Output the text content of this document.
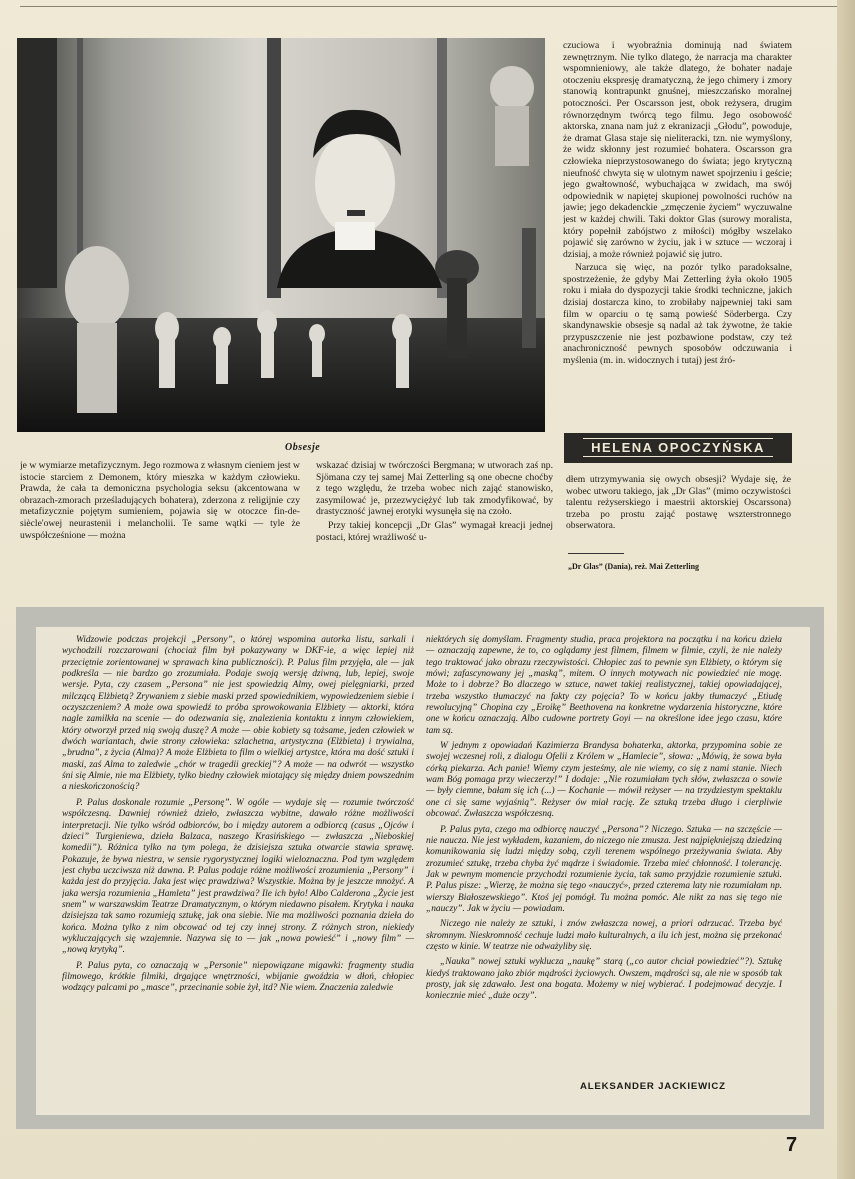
Obsesje

czuciowa i wyobraźnia dominują nad światem zewnętrznym. Nie tylko dlatego, że narracja ma charakter wspomnieniowy, ale także dlatego, że bohater nadaje otoczeniu ekspresję dramatyczną, że jego chimery i zmory stanowią kontrapunkt gnuśnej, mieszczańsko moralnej potoczności. Per Oscarsson jest, obok reżysera, drugim równorzędnym twórcą tego filmu. Jego osobowość aktorska, znana nam już z ekranizacji „Głodu”, powoduje, że dramat Glasa staje się nieliteracki, tzn. nie wymyślony, że widz skłonny jest rozumieć bohatera. Oscarsson gra człowieka nieprzystosowanego do świata; jego krytyczną nieufność chwyta się w ulotnym nawet spojrzeniu i geście; jego gwałtowność, wybuchająca w zwidach, ma swój odpowiednik w napiętej skupionej powolności ruchów na jawie; jego dekadenckie „zmęczenie życiem” wyczuwalne jest w każdej chwili. Taki doktor Glas (surowy moralista, który popełnił zabójstwo z miłości) mógłby wszelako pojawić się zarówno w życiu, jak i w sztuce — wczoraj i dzisiaj, a może również pojawić się jutro.

Narzuca się więc, na pozór tylko paradoksalne, spostrzeżenie, że gdyby Mai Zetterling żyła około 1905 roku i miała do dyspozycji takie środki techniczne, jakich dzisiaj dostarcza kino, to zrobiłaby najpewniej taki sam film w oparciu o tę samą powieść Söderberga. Czy skandynawskie obsesje są nadal aż tak żywotne, że takie przypuszczenie nie jest pozbawione podstaw, czy też anachroniczność pewnych sposobów odczuwania i myślenia (m. in. widocznych i tutaj) jest źró-

HELENA OPOCZYŃSKA

je w wymiarze metafizycznym. Jego rozmowa z własnym cieniem jest w istocie starciem z Demonem, który mieszka w każdym człowieku. Prawda, że cała ta demoniczna psychologia seksu (akcentowana w obrazach-zmorach prześladujących bohatera), zderzona z religijnie czy metafizycznie pojętym sumieniem, pojawia się w otoczce fin-de-siècle'owej neurastenii i melancholii. Te same wątki — tyle że uwspółcześnione — można

wskazać dzisiaj w twórczości Bergmana; w utworach zaś np. Sjömana czy tej samej Mai Zetterling są one obecne choćby z tego względu, że trzeba wobec nich zająć stanowisko, zasymilować je, przezwyciężyć lub tak zmodyfikować, by drastyczność jawnej erotyki wysunęła się na czoło.

Przy takiej koncepcji „Dr Glas” wymagał kreacji jednej postaci, której wrażliwość u-

dłem utrzymywania się owych obsesji? Wydaje się, że wobec utworu takiego, jak „Dr Glas” (mimo oczywistości talentu reżyserskiego i maestrii aktorskiej Oscarssona) trzeba po prostu zająć postawę wszterstronnego obserwatora.

„Dr Glas” (Dania), reż. Mai Zetterling

Widzowie podczas projekcji „Persony”, o której wspomina autorka listu, sarkali i wychodzili rozczarowani (chociaż film był pokazywany w DKF-ie, a więc lepiej niż przeciętnie zorientowanej w sprawach kina publiczności). P. Palus film przyjęła, ale — jak podkreśla — nie bardzo go zrozumiała. Podaje swoją wersję dziwną, lub, lepiej, swoje wersje. Pyta, czy czasem „Persona” nie jest spowiedzią Almy, owej pielęgniarki, przed milczącą Elżbietą? Zrywaniem z siebie maski przed spowiednikiem, wypowiedzeniem siebie i oczyszczeniem? A może owa spowiedź to próba sprowokowania Elżbiety — aktorki, która nagle zamilkła na scenie — do odezwania się, znalezienia kontaktu z innym człowiekiem, który otworzył przed nią swoją duszę? A może — obie kobiety są tożsame, jeden człowiek w dwóch wariantach, dwie strony człowieka: szlachetna, artystyczna (Elżbieta) i trywialna, „brudna”, z życia (Alma)? A może Elżbieta to film o wielkiej artystce, która ma dość sztuki i maski, zaś Alma to zaledwie „chór w tragedii greckiej”? A może — na odwrót — wszystko śni się Almie, nie ma Elżbiety, tylko biedny człowiek miotający się między dniem powszednim a nieskończonością?

P. Palus doskonale rozumie „Personę”. W ogóle — wydaje się — rozumie twórczość współczesną. Dawniej również dzieło, zwłaszcza wybitne, dawało różne możliwości interpretacji. Nie tylko wśród odbiorców, bo i między autorem a odbiorcą (casus „Ojców i dzieci” Turgieniewa, dzieła Balzaca, naszego Krasińskiego — zwłaszcza „Nieboskiej komedii”). Różnica tylko na tym polega, że dzisiejsza sztuka otwarcie stawia sprawę. Pokazuje, że bywa niestra, w sensie rygorystycznej logiki wieloznaczna. Pod tym względem jest chyba uczciwsza niż dawna. P. Palus podaje różne możliwości zrozumienia „Persony” i każda jest do przyjęcia. Jaka jest więc prawdziwa? Wszystkie. Można by je jeszcze mnożyć. A jaka wersja rozumienia „Hamleta” jest prawdziwa? Ile ich było! Albo Calderona „Życie jest snem” w warszawskim Teatrze Dramatycznym, o którym niedawno pisałem. Krytyka i nauka dzisiejsza tak samo rozumieją sztukę, jak ona siebie. Nie ma możliwości poznania dzieła do końca. Można tylko z nim obcować od tej czy innej strony. Z różnych stron, niekiedy wykluczających się wzajemnie. Nazywa się to — jak „nowa powieść” i „nowy film” — „nową krytyką”.

P. Palus pyta, co oznaczają w „Personie” niepowiązane migawki: fragmenty studia filmowego, krótkie filmiki, drgające wnętrzności, wbijanie gwoździa w dłoń, chłopiec wodzący palcami po „masce”, przecinanie sobie żył, itd? Nie wiem. Znaczenia zaledwie

niektórych się domyślam. Fragmenty studia, praca projektora na początku i na końcu dzieła — oznaczają zapewne, że to, co oglądamy jest filmem, filmem w filmie, czyli, że nie należy tego traktować jako obrazu rzeczywistości. Chłopiec zaś to pewnie syn Elżbiety, o którym się mówi; zafascynowany jej „maską”, mitem. O innych motywach nic powiedzieć nie mogę. Może to i dobrze? Bo dlaczego w sztuce, nawet takiej realistycznej, takiej opowiadającej, trzeba wszystko tłumaczyć na fakty czy pojęcia? To w końcu jakby tłumaczyć „Etiudę rewolucyjną” Chopina czy „Eroikę” Beethovena na konkretne wydarzenia historyczne, które one w końcu oznaczają. Albo cudowne portrety Goyi — na określone idee jego czasu, które tam są.

W jednym z opowiadań Kazimierza Brandysa bohaterka, aktorka, przypomina sobie ze swojej wczesnej roli, z dialogu Ofelii z Królem w „Hamlecie”, słowa: „Mówią, że sowa była córką piekarza. Ach panie! Wiemy czym jesteśmy, ale nie wiemy, co się z nami stanie. Niech wam Bóg pomaga przy wieczerzy!” I dodaje: „Nie rozumiałam tych słów, zwłaszcza o sowie — były ciemne, bałam się ich (...) — Kochanie — mówił reżyser — na trzydziestym spektaklu one ci się same wyjaśnią”. Reżyser ów miał rację. Ze sztuką trzeba długo i cierpliwie obcować. Zwłaszcza współczesną.

P. Palus pyta, czego ma odbiorcę nauczyć „Persona”? Niczego. Sztuka — na szczęście — nie naucza. Nie jest wykładem, kazaniem, do niczego nie zmusza. Jest najpiękniejszą dziedziną komunikowania się ludzi między sobą, czyli terenem wspólnego przeżywania świata. Aby zrozumieć sztukę, trzeba chyba żyć mądrze i świadomie. Trzeba mieć chłonność. I tolerancję. Jak w pewnym momencie przychodzi rozumienie życia, tak samo przyjdzie rozumienie sztuki. P. Palus pisze: „Wierzę, że można się tego «nauczyć», przed czterema laty nie rozumiałam np. wierszy Białoszewskiego”. Ktoś jej pomógł. Tu można pomóc. Ale nikt za nas się tego nie „nauczy”. Jak w życiu — powiadam.

Niczego nie należy ze sztuki, i znów zwłaszcza nowej, a priori odrzucać. Trzeba być skromnym. Nieskromność cechuje ludzi mało kulturalnych, a ilu ich jest, można się przekonać często w kinie. W teatrze nie odważyliby się.

„Nauka” nowej sztuki wyklucza „naukę” starą („co autor chciał powiedzieć”?). Sztukę kiedyś traktowano jako zbiór mądrości życiowych. Owszem, mądrości są, ale nie w sposób tak prosty, jak się zdawało. Jest ona bogata. Możemy w niej wybierać. I podejmować decyzje. I koniecznie mieć „duże oczy”.

ALEKSANDER JACKIEWICZ
7
